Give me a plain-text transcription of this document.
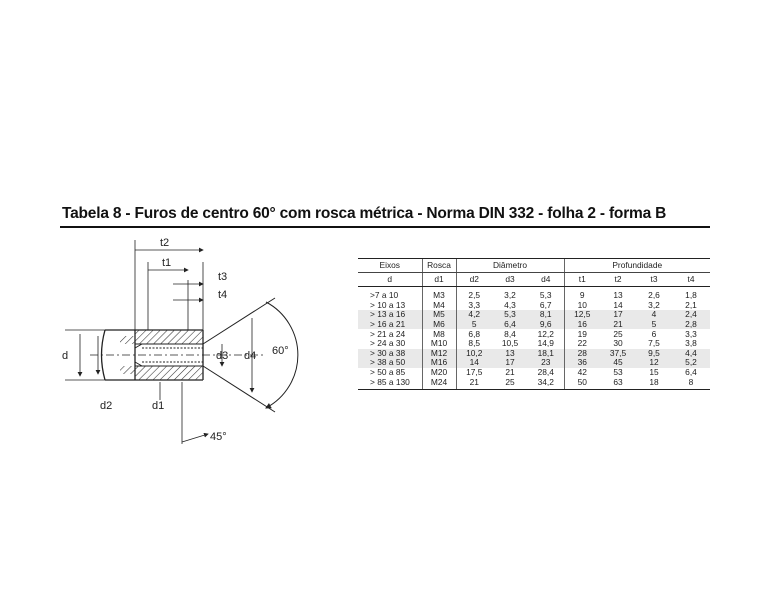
Tabela 8 - Furos de centro 60° com rosca métrica - Norma DIN 332 - folha 2 - forma B
t2
t1
t3
t4
d
d2	d1
d3 d4 60°
45°
Eixos	Rosca	Diâmetro			Profundidade			
d	d1	d2	d3	d4	t1	t2	t3	t4
>7 a 10	M3	2,5	3,2	5,3	9	13	2,6	1,8
> 10 a 13	M4	3,3	4,3	6,7	10	14	3,2	2,1
> 13 a 16	M5	4,2	5,3	8,1	12,5	17	4	2,4
> 16 a 21	M6	5	6,4	9,6	16	21	5	2,8
> 21 a 24	M8	6,8	8,4	12,2	19	25	6	3,3
> 24 a 30	M10	8,5	10,5	14,9	22	30	7,5	3,8
> 30 a 38	M12	10,2	13	18,1	28	37,5	9,5	4,4
> 38 a 50	M16	14	17	23	36	45	12	5,2
> 50 a 85	M20	17,5	21	28,4	42	53	15	6,4
> 85 a 130	M24	21	25	34,2	50	63	18	8
